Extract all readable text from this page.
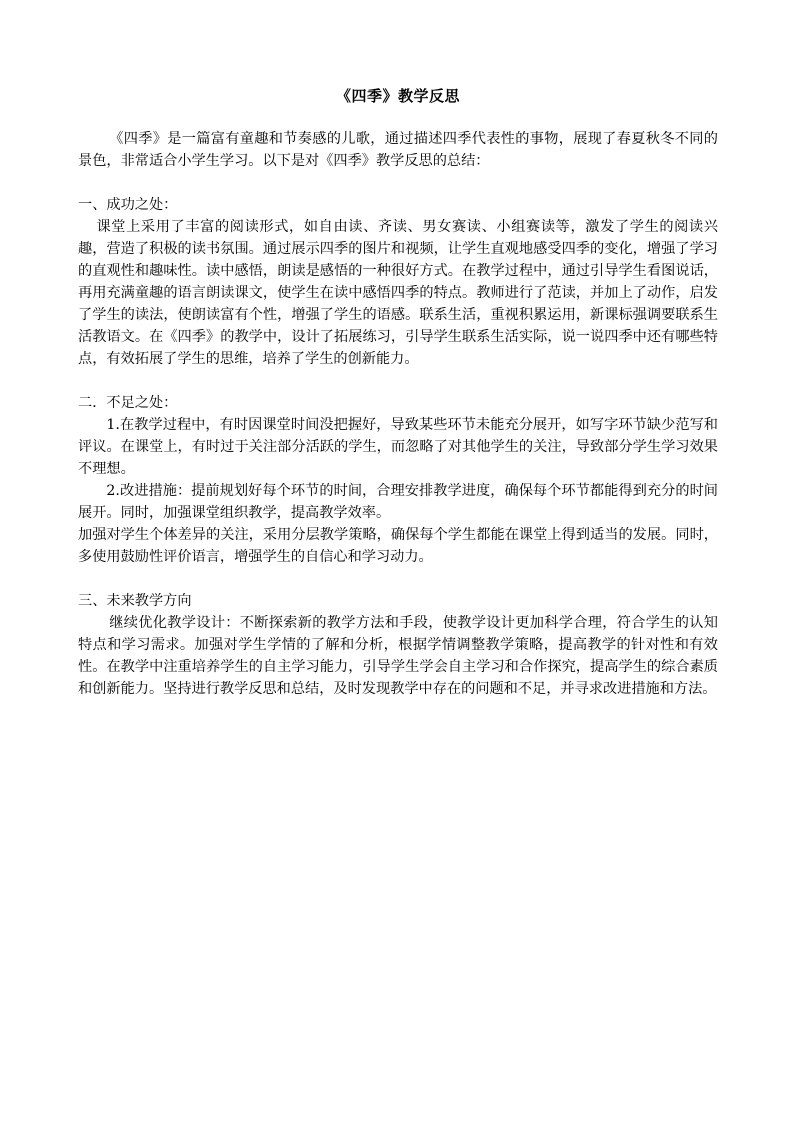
《四季》教学反思

《四季》是一篇富有童趣和节奏感的儿歌，通过描述四季代表性的事物，展现了春夏秋冬不同的景色，非常适合小学生学习。以下是对《四季》教学反思的总结：

一、成功之处：

课堂上采用了丰富的阅读形式，如自由读、齐读、男女赛读、小组赛读等，激发了学生的阅读兴趣，营造了积极的读书氛围。通过展示四季的图片和视频，让学生直观地感受四季的变化，增强了学习的直观性和趣味性。读中感悟，朗读是感悟的一种很好方式。在教学过程中，通过引导学生看图说话，再用充满童趣的语言朗读课文，使学生在读中感悟四季的特点。教师进行了范读，并加上了动作，启发了学生的读法，使朗读富有个性，增强了学生的语感。联系生活，重视积累运用，新课标强调要联系生活教语文。在《四季》的教学中，设计了拓展练习，引导学生联系生活实际，说一说四季中还有哪些特点，有效拓展了学生的思维，培养了学生的创新能力。

二．不足之处：

1.在教学过程中，有时因课堂时间没把握好，导致某些环节未能充分展开，如写字环节缺少范写和评议。在课堂上，有时过于关注部分活跃的学生，而忽略了对其他学生的关注，导致部分学生学习效果不理想。

2.改进措施：提前规划好每个环节的时间，合理安排教学进度，确保每个环节都能得到充分的时间展开。同时，加强课堂组织教学，提高教学效率。

加强对学生个体差异的关注，采用分层教学策略，确保每个学生都能在课堂上得到适当的发展。同时，多使用鼓励性评价语言，增强学生的自信心和学习动力。

三、未来教学方向

继续优化教学设计：不断探索新的教学方法和手段，使教学设计更加科学合理，符合学生的认知特点和学习需求。加强对学生学情的了解和分析，根据学情调整教学策略，提高教学的针对性和有效性。在教学中注重培养学生的自主学习能力，引导学生学会自主学习和合作探究，提高学生的综合素质和创新能力。坚持进行教学反思和总结，及时发现教学中存在的问题和不足，并寻求改进措施和方法。
